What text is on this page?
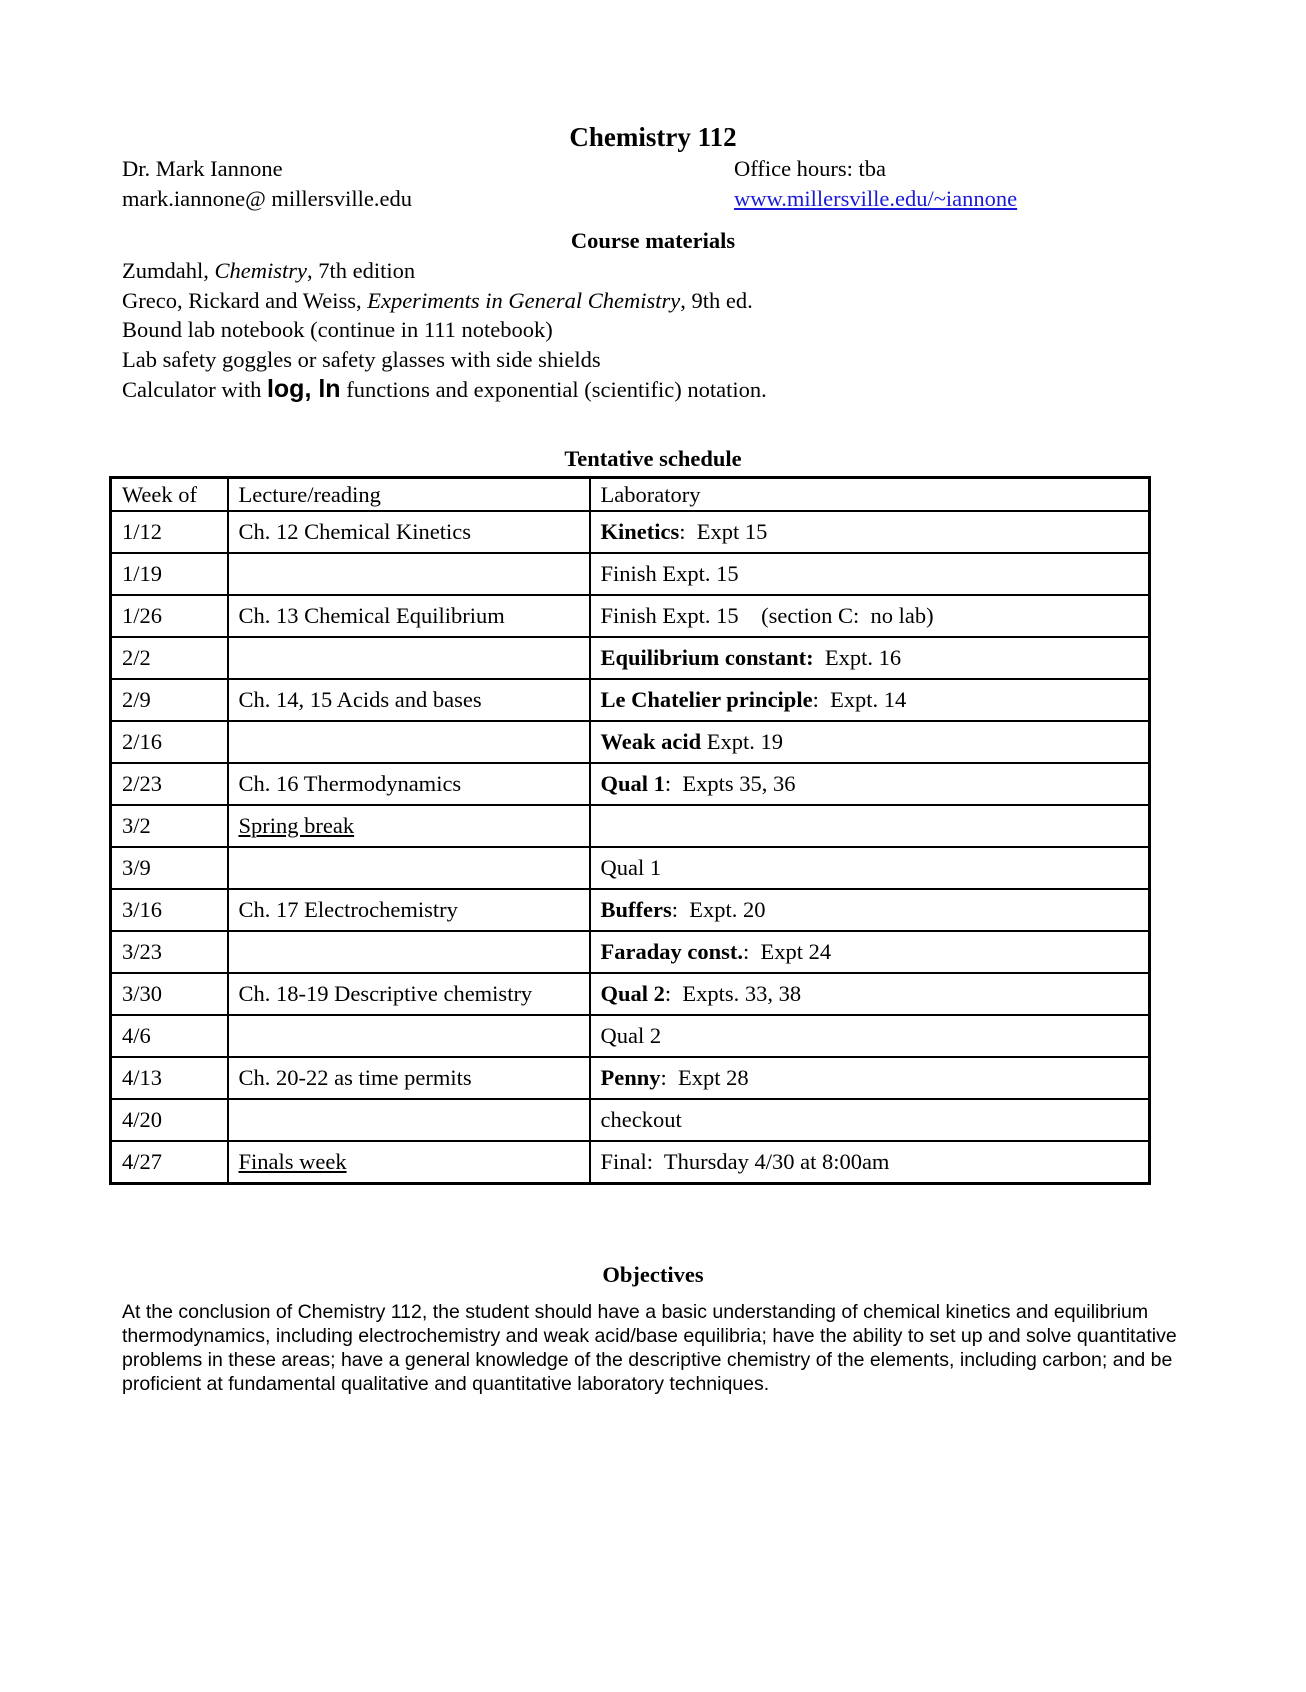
Chemistry 112
Dr. Mark Iannone	Office hours: tba
mark.iannone@ millersville.edu	www.millersville.edu/~iannone
Course materials
Zumdahl, Chemistry, 7th edition
Greco, Rickard and Weiss, Experiments in General Chemistry, 9th ed.
Bound lab notebook (continue in 111 notebook)
Lab safety goggles or safety glasses with side shields
Calculator with log, ln functions and exponential (scientific) notation.
Tentative schedule
Week of	Lecture/reading	Laboratory
1/12	Ch. 12 Chemical Kinetics	Kinetics:  Expt 15
1/19		Finish Expt. 15
1/26	Ch. 13 Chemical Equilibrium	Finish Expt. 15    (section C:  no lab)
2/2		Equilibrium constant:  Expt. 16
2/9	Ch. 14, 15 Acids and bases	Le Chatelier principle:  Expt. 14
2/16		Weak acid Expt. 19
2/23	Ch. 16 Thermodynamics	Qual 1:  Expts 35, 36
3/2	Spring break	
3/9		Qual 1
3/16	Ch. 17 Electrochemistry	Buffers:  Expt. 20
3/23		Faraday const.:  Expt 24
3/30	Ch. 18-19 Descriptive chemistry	Qual 2:  Expts. 33, 38
4/6		Qual 2
4/13	Ch. 20-22 as time permits	Penny:  Expt 28
4/20		checkout
4/27	Finals week	Final:  Thursday 4/30 at 8:00am
Objectives
At the conclusion of Chemistry 112, the student should have a basic understanding of chemical kinetics and equilibrium thermodynamics, including electrochemistry and weak acid/base equilibria; have the ability to set up and solve quantitative problems in these areas; have a general knowledge of the descriptive chemistry of the elements, including carbon; and be proficient at fundamental qualitative and quantitative laboratory techniques.
